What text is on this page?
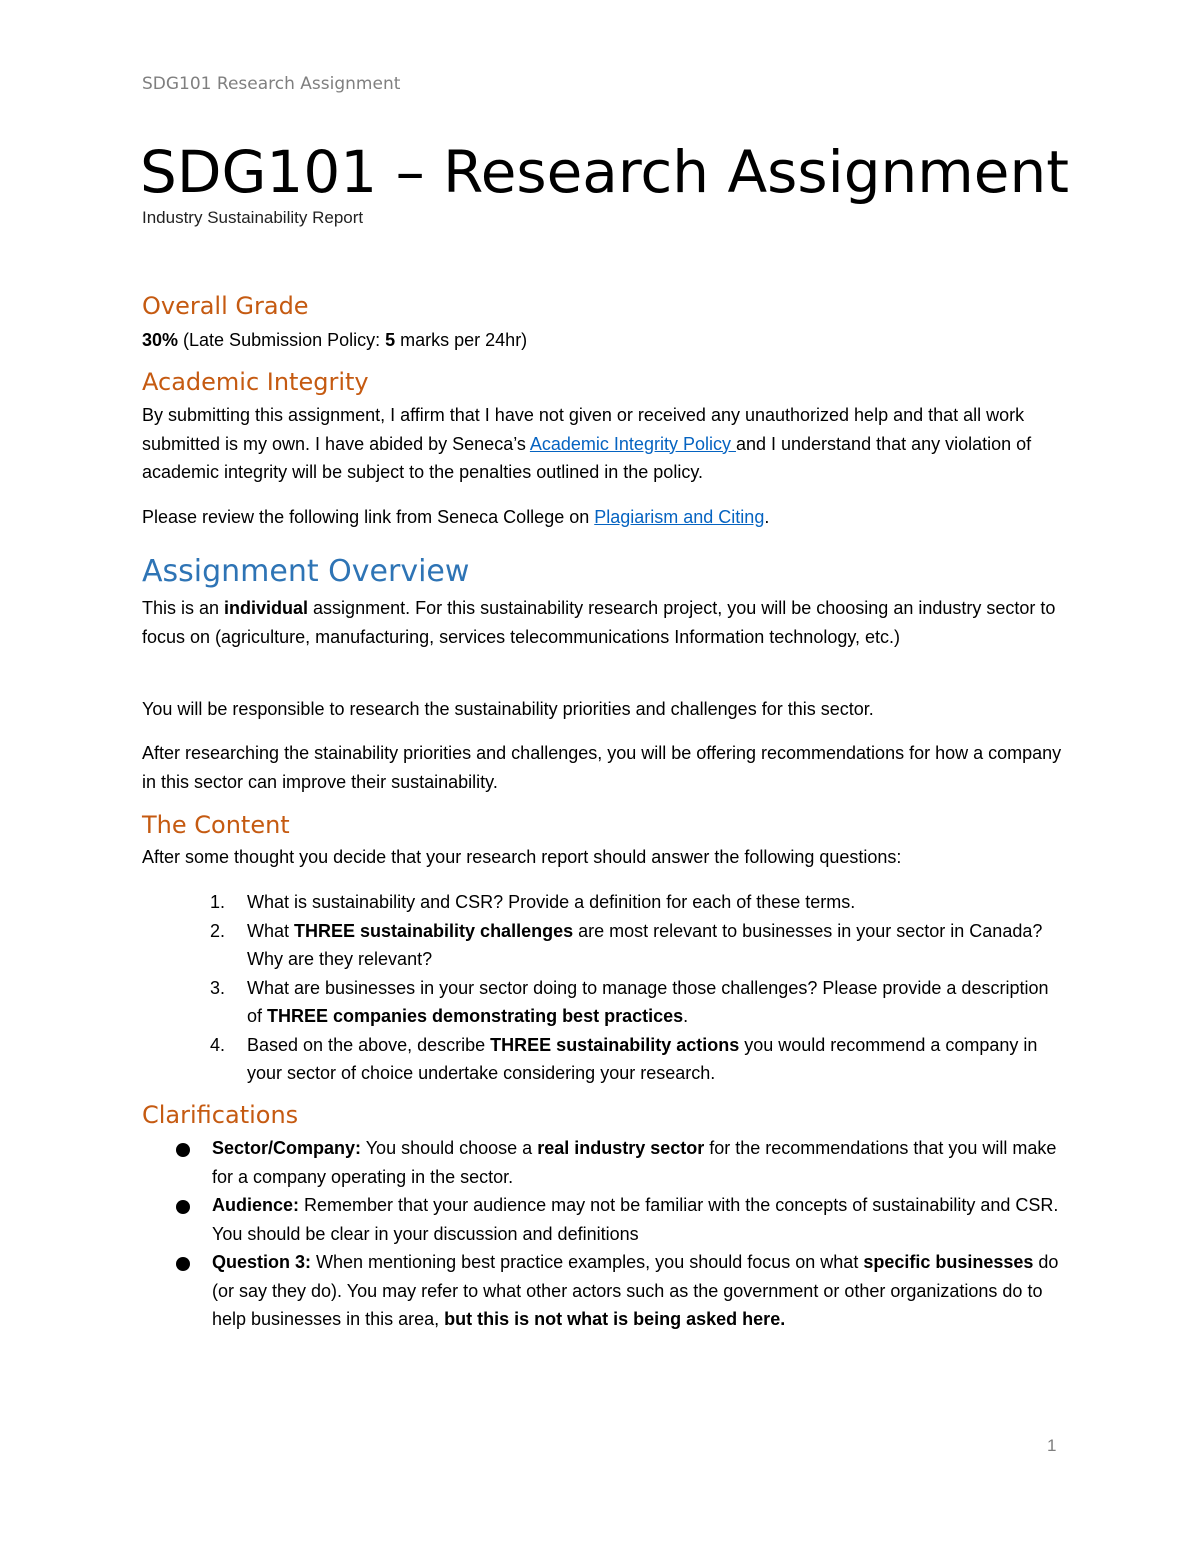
SDG101 Research Assignment
SDG101 – Research Assignment
Industry Sustainability Report
Overall Grade

30% (Late Submission Policy: 5 marks per 24hr)

Academic Integrity

By submitting this assignment, I affirm that I have not given or received any unauthorized help and that all work submitted is my own. I have abided by Seneca’s Academic Integrity Policy and I understand that any violation of academic integrity will be subject to the penalties outlined in the policy.

Please review the following link from Seneca College on Plagiarism and Citing.

Assignment Overview

This is an individual assignment. For this sustainability research project, you will be choosing an industry sector to focus on (agriculture, manufacturing, services telecommunications Information technology, etc.)

You will be responsible to research the sustainability priorities and challenges for this sector.

After researching the stainability priorities and challenges, you will be offering recommendations for how a company in this sector can improve their sustainability.

The Content

After some thought you decide that your research report should answer the following questions:

1. What is sustainability and CSR? Provide a definition for each of these terms.
2. What THREE sustainability challenges are most relevant to businesses in your sector in Canada? Why are they relevant?
3. What are businesses in your sector doing to manage those challenges? Please provide a description of THREE companies demonstrating best practices.
4. Based on the above, describe THREE sustainability actions you would recommend a company in your sector of choice undertake considering your research.
Clarifications
Sector/Company: You should choose a real industry sector for the recommendations that you will make for a company operating in the sector.
Audience: Remember that your audience may not be familiar with the concepts of sustainability and CSR. You should be clear in your discussion and definitions
Question 3: When mentioning best practice examples, you should focus on what specific businesses do (or say they do). You may refer to what other actors such as the government or other organizations do to help businesses in this area, but this is not what is being asked here.
1
